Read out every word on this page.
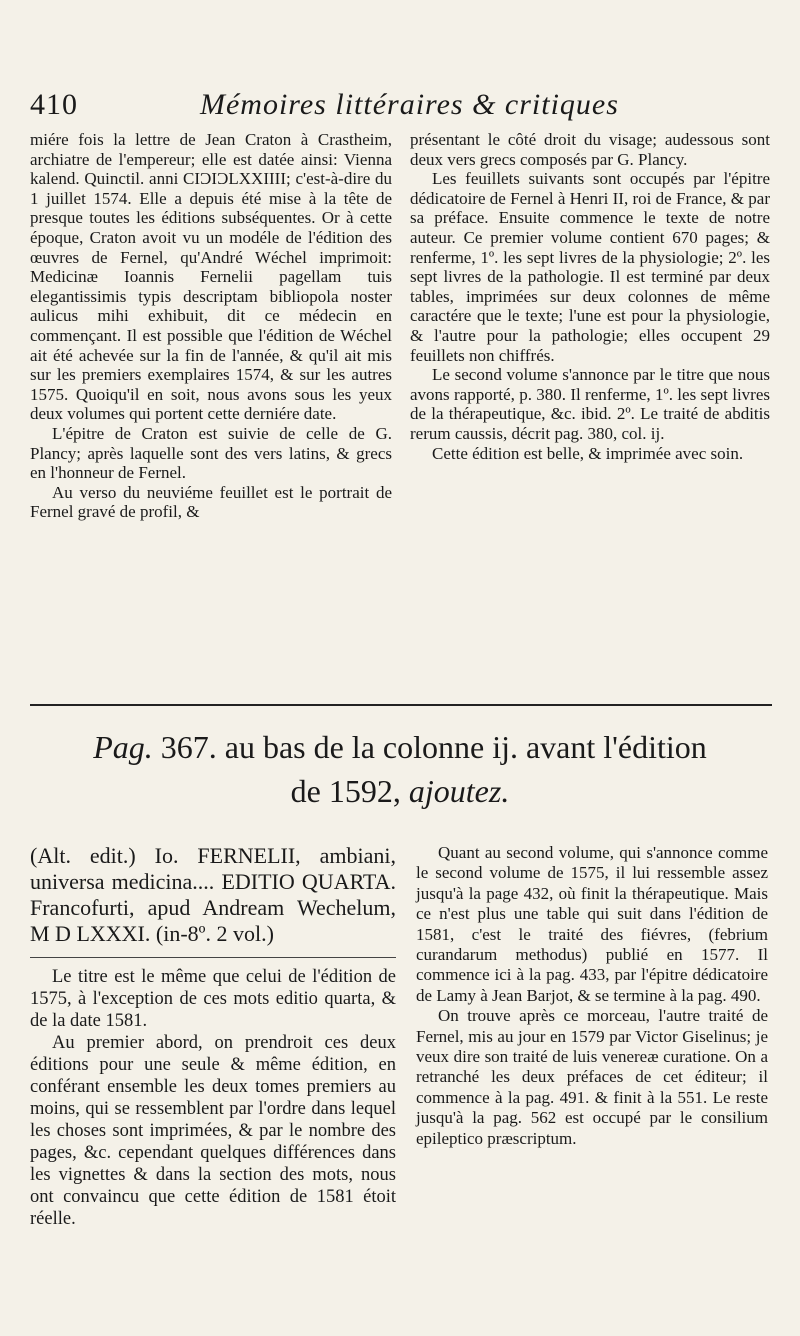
410	Mémoires littéraires & critiques

miére fois la lettre de Jean Craton à Crastheim, archiatre de l'empereur; elle est datée ainsi: Vienna kalend. Quinctil. anni CIƆIƆLXXIIII; c'est-à-dire du 1 juillet 1574. Elle a depuis été mise à la tête de presque toutes les éditions subséquentes. Or à cette époque, Craton avoit vu un modéle de l'édition des œuvres de Fernel, qu'André Wéchel imprimoit: Medicinæ Ioannis Fernelii pagellam tuis elegantissimis typis descriptam bibliopola noster aulicus mihi exhibuit, dit ce médecin en commençant. Il est possible que l'édition de Wéchel ait été achevée sur la fin de l'année, & qu'il ait mis sur les premiers exemplaires 1574, & sur les autres 1575. Quoiqu'il en soit, nous avons sous les yeux deux volumes qui portent cette derniére date.

L'épitre de Craton est suivie de celle de G. Plancy; après laquelle sont des vers latins, & grecs en l'honneur de Fernel.

Au verso du neuviéme feuillet est le portrait de Fernel gravé de profil, &

présentant le côté droit du visage; audessous sont deux vers grecs composés par G. Plancy.

Les feuillets suivants sont occupés par l'épitre dédicatoire de Fernel à Henri II, roi de France, & par sa préface. Ensuite commence le texte de notre auteur. Ce premier volume contient 670 pages; & renferme, 1º. les sept livres de la physiologie; 2º. les sept livres de la pathologie. Il est terminé par deux tables, imprimées sur deux colonnes de même caractére que le texte; l'une est pour la physiologie, & l'autre pour la pathologie; elles occupent 29 feuillets non chiffrés.

Le second volume s'annonce par le titre que nous avons rapporté, p. 380. Il renferme, 1º. les sept livres de la thérapeutique, &c. ibid. 2º. Le traité de abditis rerum caussis, décrit pag. 380, col. ij.

Cette édition est belle, & imprimée avec soin.

Pag. 367. au bas de la colonne ij. avant l'édition
de 1592, ajoutez.

(Alt. edit.) Io. FERNELII, ambiani, universa medicina.... EDITIO QUARTA. Francofurti, apud Andream Wechelum, M D LXXXI. (in-8º. 2 vol.)

Le titre est le même que celui de l'édition de 1575, à l'exception de ces mots editio quarta, & de la date 1581.

Au premier abord, on prendroit ces deux éditions pour une seule & même édition, en conférant ensemble les deux tomes premiers au moins, qui se ressemblent par l'ordre dans lequel les choses sont imprimées, & par le nombre des pages, &c. cependant quelques différences dans les vignettes & dans la section des mots, nous ont convaincu que cette édition de 1581 étoit réelle.

Quant au second volume, qui s'annonce comme le second volume de 1575, il lui ressemble assez jusqu'à la page 432, où finit la thérapeutique. Mais ce n'est plus une table qui suit dans l'édition de 1581, c'est le traité des fiévres, (febrium curandarum methodus) publié en 1577. Il commence ici à la pag. 433, par l'épitre dédicatoire de Lamy à Jean Barjot, & se termine à la pag. 490.

On trouve après ce morceau, l'autre traité de Fernel, mis au jour en 1579 par Victor Giselinus; je veux dire son traité de luis venereæ curatione. On a retranché les deux préfaces de cet éditeur; il commence à la pag. 491. & finit à la 551. Le reste jusqu'à la pag. 562 est occupé par le consilium epileptico præscriptum.
